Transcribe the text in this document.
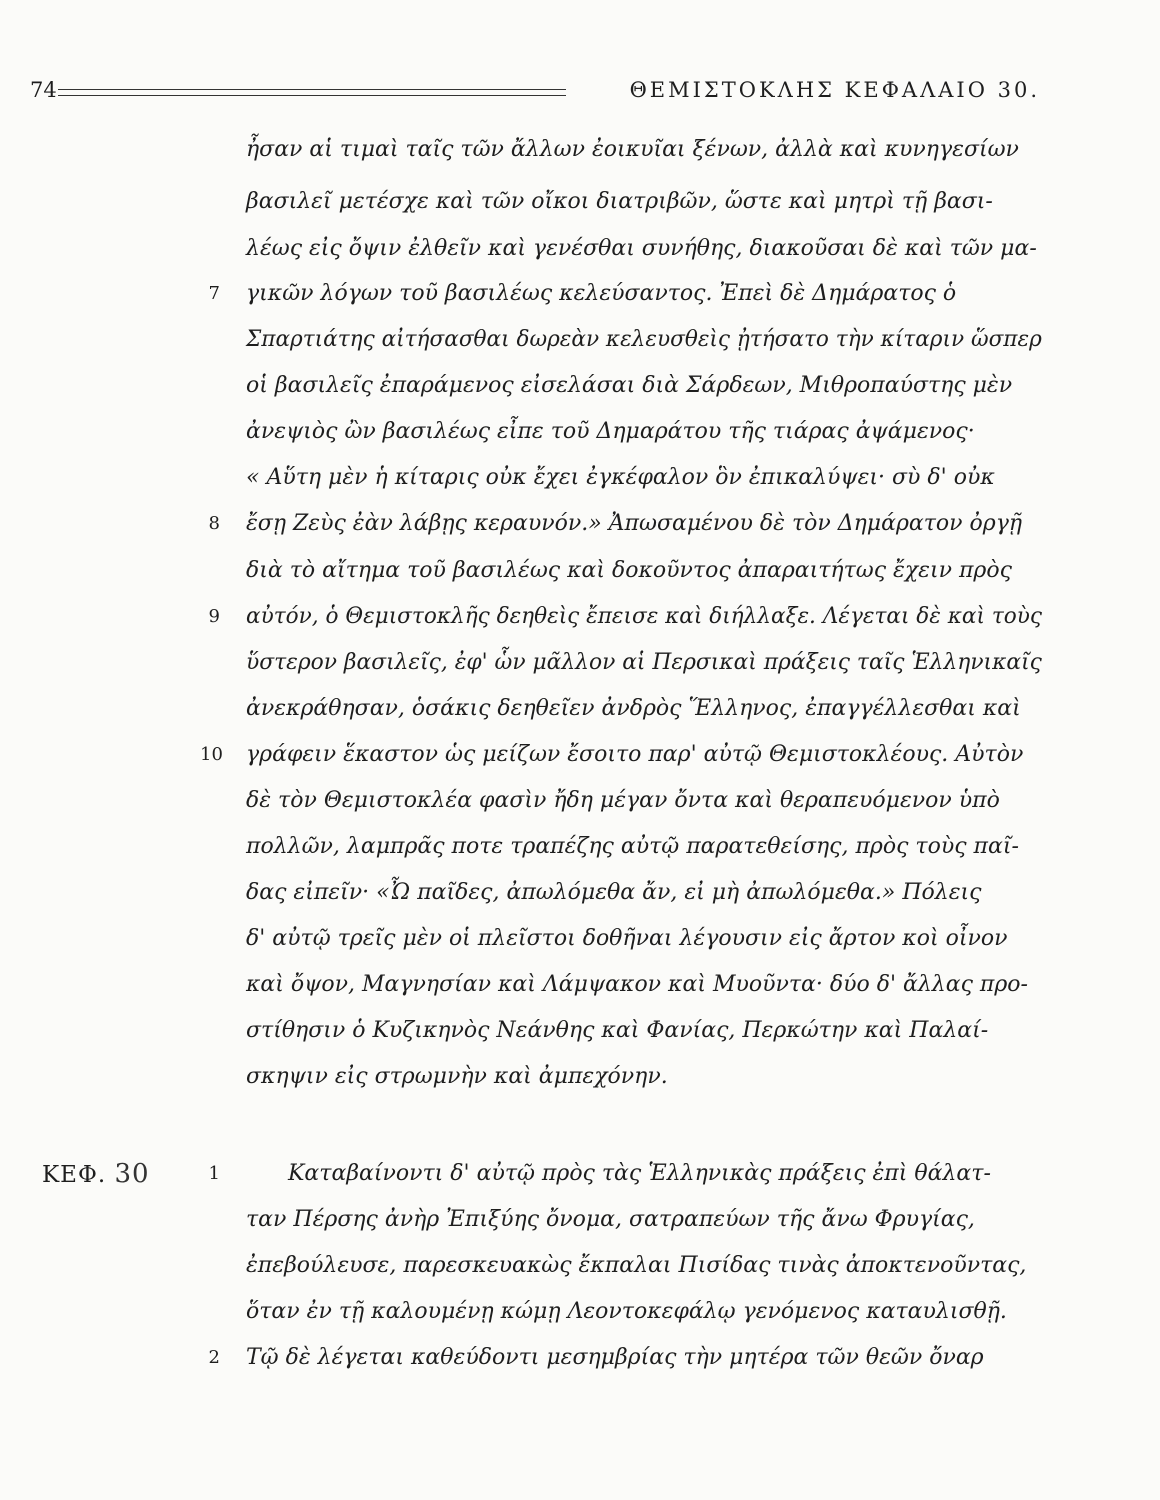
74	ΘΕΜΙΣΤΟΚΛΗΣ ΚΕΦΑΛΑΙΟ 30.
ἦσαν αἱ τιμαὶ ταῖς τῶν ἄλλων ἐοικυῖαι ξένων, ἀλλὰ καὶ κυνηγεσίων
βασιλεῖ μετέσχε καὶ τῶν οἴκοι διατριβῶν, ὥστε καὶ μητρὶ τῇ βασι-
λέως εἰς ὄψιν ἐλθεῖν καὶ γενέσθαι συνήθης, διακοῦσαι δὲ καὶ τῶν μα-
γικῶν λόγων τοῦ βασιλέως κελεύσαντος. Ἐπεὶ δὲ Δημάρατος ὁ
Σπαρτιάτης αἰτήσασθαι δωρεὰν κελευσθεὶς ᾐτήσατο τὴν κίταριν ὥσπερ
οἱ βασιλεῖς ἐπαράμενος εἰσελάσαι διὰ Σάρδεων, Μιθροπαύστης μὲν
ἀνεψιὸς ὢν βασιλέως εἶπε τοῦ Δημαράτου τῆς τιάρας ἀψάμενος·
« Αὕτη μὲν ἡ κίταρις οὐκ ἔχει ἐγκέφαλον ὃν ἐπικαλύψει· σὺ δ' οὐκ
ἔσῃ Ζεὺς ἐὰν λάβῃς κεραυνόν.» Ἀπωσαμένου δὲ τὸν Δημάρατον ὀργῇ
διὰ τὸ αἴτημα τοῦ βασιλέως καὶ δοκοῦντος ἀπαραιτήτως ἔχειν πρὸς
αὐτόν, ὁ Θεμιστοκλῆς δεηθεὶς ἔπεισε καὶ διήλλαξε. Λέγεται δὲ καὶ τοὺς
ὕστερον βασιλεῖς, ἐφ' ὧν μᾶλλον αἱ Περσικαὶ πράξεις ταῖς Ἑλληνικαῖς
ἀνεκράθησαν, ὁσάκις δεηθεῖεν ἀνδρὸς Ἕλληνος, ἐπαγγέλλεσθαι καὶ
γράφειν ἕκαστον ὡς μείζων ἔσοιτο παρ' αὐτῷ Θεμιστοκλέους. Αὐτὸν
δὲ τὸν Θεμιστοκλέα φασὶν ἤδη μέγαν ὄντα καὶ θεραπευόμενον ὑπὸ
πολλῶν, λαμπρᾶς ποτε τραπέζης αὐτῷ παρατεθείσης, πρὸς τοὺς παῖ-
δας εἰπεῖν· «Ὦ παῖδες, ἀπωλόμεθα ἄν, εἰ μὴ ἀπωλόμεθα.» Πόλεις
δ' αὐτῷ τρεῖς μὲν οἱ πλεῖστοι δοθῆναι λέγουσιν εἰς ἄρτον κοὶ οἶνον
καὶ ὄψον, Μαγνησίαν καὶ Λάμψακον καὶ Μυοῦντα· δύο δ' ἄλλας προ-
στίθησιν ὁ Κυζικηνὸς Νεάνθης καὶ Φανίας, Περκώτην καὶ Παλαί-
σκηψιν εἰς στρωμνὴν καὶ ἀμπεχόνην.
Καταβαίνοντι δ' αὐτῷ πρὸς τὰς Ἑλληνικὰς πράξεις ἐπὶ θάλατ-
ταν Πέρσης ἀνὴρ Ἐπιξύης ὄνομα, σατραπεύων τῆς ἄνω Φρυγίας,
ἐπεβούλευσε, παρεσκευακὼς ἔκπαλαι Πισίδας τινὰς ἀποκτενοῦντας,
ὅταν ἐν τῇ καλουμένῃ κώμῃ Λεοντοκεφάλῳ γενόμενος καταυλισθῇ.
Τῷ δὲ λέγεται καθεύδοντι μεσημβρίας τὴν μητέρα τῶν θεῶν ὄναρ
7
8
9
10
1
2
ΚΕΦ. 30
